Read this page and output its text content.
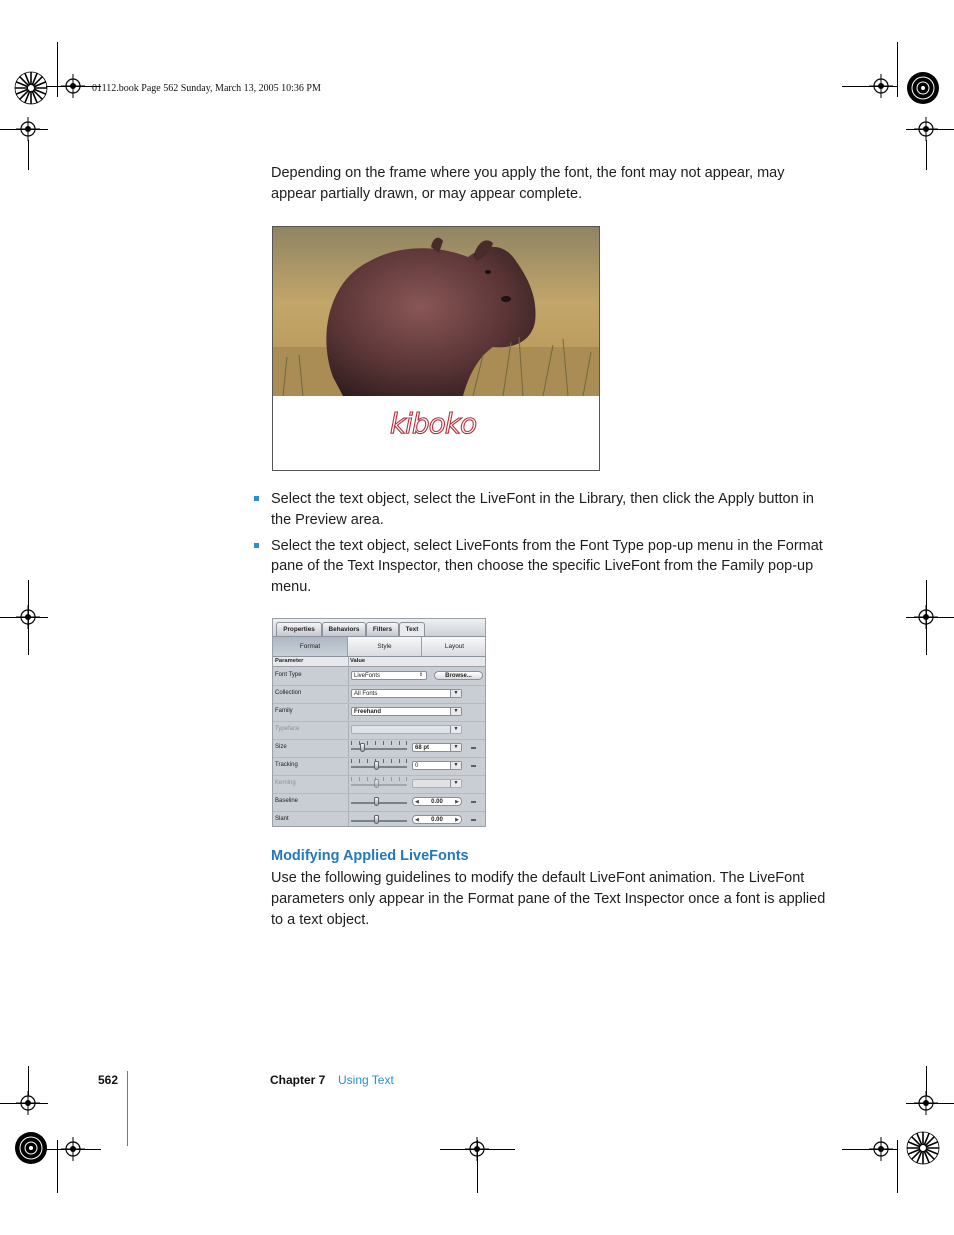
01112.book Page 562 Sunday, March 13, 2005 10:36 PM

Depending on the frame where you apply the font, the font may not appear, may appear partially drawn, or may appear complete.

kiboko
Select the text object, select the LiveFont in the Library, then click the Apply button in the Preview area.
Select the text object, select LiveFonts from the Font Type pop-up menu in the Format pane of the Text Inspector, then choose the specific LiveFont from the Family pop-up menu.
Properties	Behaviors	Filters	Text
Format	Style	Layout
Parameter	Value
Font Type	LiveFonts	⇕	Browse...
Collection	All Fonts	▼
Family	Freehand	▼
Typeface	▼
Size	68 pt	▼
Tracking	0	▼
Kerning	▼
Baseline	◀ 0.00 ▶
Slant	◀ 0.00 ▶
Modifying Applied LiveFonts

Use the following guidelines to modify the default LiveFont animation. The LiveFont parameters only appear in the Format pane of the Text Inspector once a font is applied to a text object.

562	Chapter 7 Using Text
